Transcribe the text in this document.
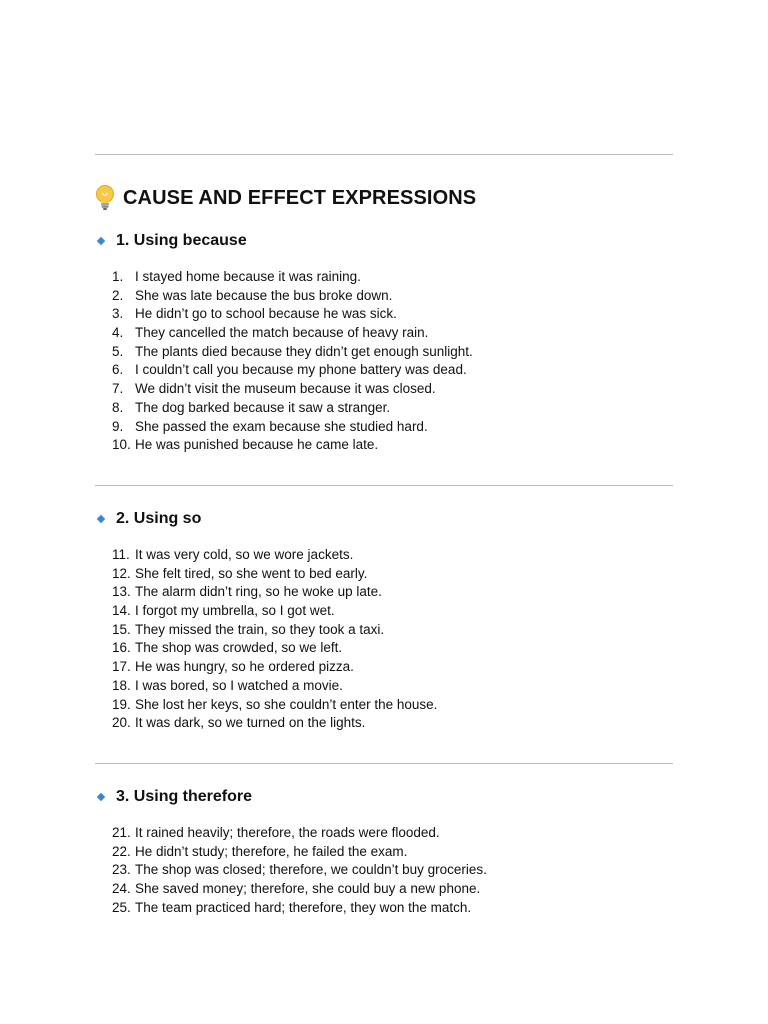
CAUSE AND EFFECT EXPRESSIONS
1. Using because
1. I stayed home because it was raining.
2. She was late because the bus broke down.
3. He didn’t go to school because he was sick.
4. They cancelled the match because of heavy rain.
5. The plants died because they didn’t get enough sunlight.
6. I couldn’t call you because my phone battery was dead.
7. We didn’t visit the museum because it was closed.
8. The dog barked because it saw a stranger.
9. She passed the exam because she studied hard.
10. He was punished because he came late.
2. Using so
11. It was very cold, so we wore jackets.
12. She felt tired, so she went to bed early.
13. The alarm didn’t ring, so he woke up late.
14. I forgot my umbrella, so I got wet.
15. They missed the train, so they took a taxi.
16. The shop was crowded, so we left.
17. He was hungry, so he ordered pizza.
18. I was bored, so I watched a movie.
19. She lost her keys, so she couldn’t enter the house.
20. It was dark, so we turned on the lights.
3. Using therefore
21. It rained heavily; therefore, the roads were flooded.
22. He didn’t study; therefore, he failed the exam.
23. The shop was closed; therefore, we couldn’t buy groceries.
24. She saved money; therefore, she could buy a new phone.
25. The team practiced hard; therefore, they won the match.
